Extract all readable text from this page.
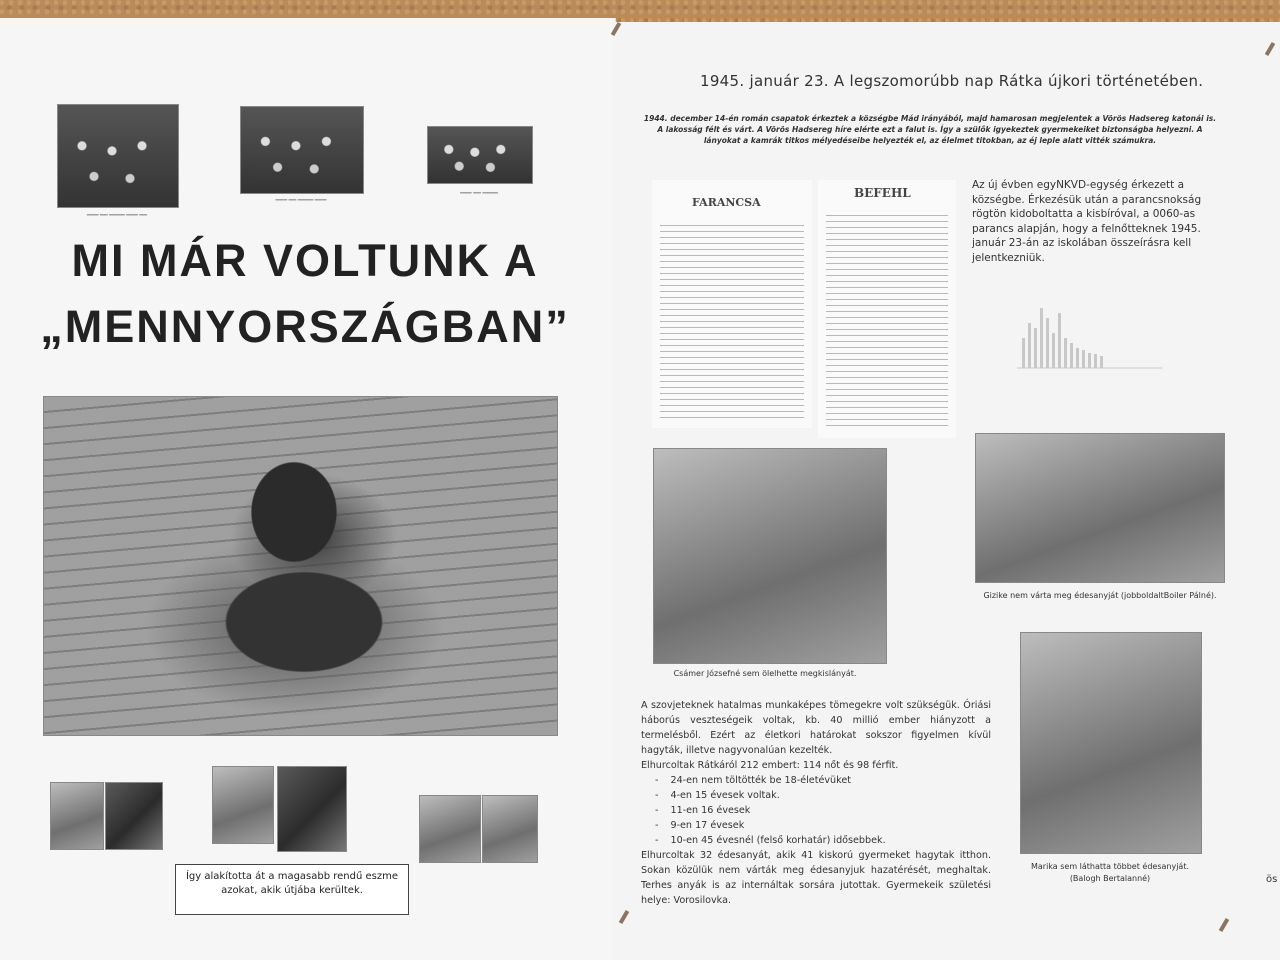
▁▁▁ ▁▁ ▁▁▁▁ ▁▁▁ ▁▁
▁▁▁ ▁▁ ▁▁▁▁ ▁▁▁
▁▁▁ ▁▁ ▁▁▁▁
MI MÁR VOLTUNK A
„MENNYORSZÁGBAN”
Így alakította át a magasabb rendű eszme azokat, akik útjába kerültek.
1945. január 23. A legszomorúbb nap Rátka újkori történetében.
1944. december 14-én román csapatok érkeztek a községbe Mád irányából, majd hamarosan megjelentek a Vörös Hadsereg katonái is. A lakosság félt és várt. A Vörös Hadsereg híre elérte ezt a falut is. Így a szülők igyekeztek gyermekeiket biztonságba helyezni. A lányokat a kamrák titkos mélyedéseibe helyezték el, az élelmet titokban, az éj leple alatt vitték számukra.
FARANCSA
BEFEHL
Az új évben egyNKVD-egység érkezett a községbe. Érkezésük után a parancsnokság rögtön kidoboltatta a kisbíróval, a 0060-as parancs alapján, hogy a felnőtteknek 1945. január 23-án az iskolában összeírásra kell jelentkezniük.
Csámer Józsefné sem ölelhette megkislányát.
Gizike nem várta meg édesanyját (jobboldaltBoiler Pálné).
Marika sem láthatta többet édesanyját.(Balogh Bertalanné)
A szovjeteknek hatalmas munkaképes tömegekre volt szükségük. Óriási háborús veszteségeik voltak, kb. 40 millió ember hiányzott a termelésből. Ezért az életkori határokat sokszor figyelmen kívül hagyták, illetve nagyvonalúan kezelték.
Elhurcoltak Rátkáról 212 embert: 114 nőt és 98 férfit.
- 24-en nem töltötték be 18-életévüket
- 4-en 15 évesek voltak.
- 11-en 16 évesek
- 9-en 17 évesek
- 10-en 45 évesnél (felső korhatár) idősebbek.
Elhurcoltak 32 édesanyát, akik 41 kiskorú gyermeket hagytak itthon. Sokan közülük nem várták meg édesanyjuk hazatérését, meghaltak. Terhes anyák is az internáltak sorsára jutottak. Gyermekeik születési helye: Vorosilovka.
ös
